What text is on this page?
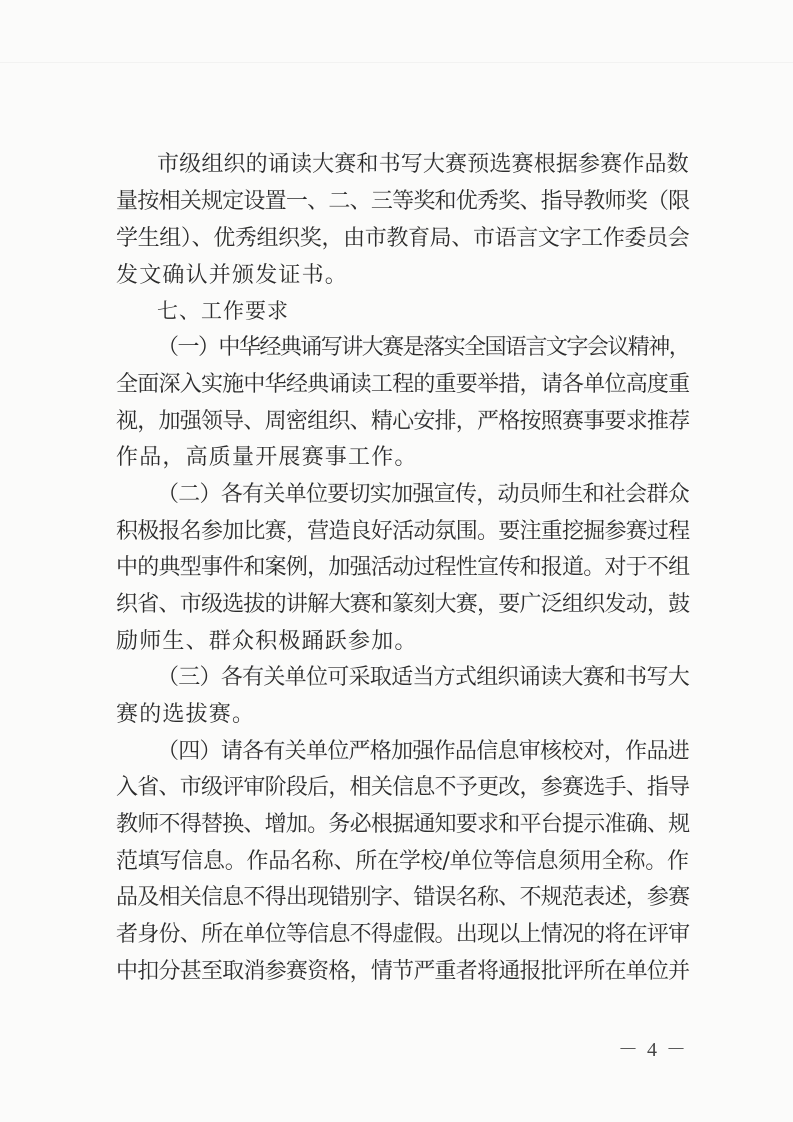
市级组织的诵读大赛和书写大赛预选赛根据参赛作品数
量按相关规定设置一、二、三等奖和优秀奖、指导教师奖（限
学生组）、优秀组织奖，由市教育局、市语言文字工作委员会
发文确认并颁发证书。
七、工作要求
（一）中华经典诵写讲大赛是落实全国语言文字会议精神，
全面深入实施中华经典诵读工程的重要举措，请各单位高度重
视，加强领导、周密组织、精心安排，严格按照赛事要求推荐
作品，高质量开展赛事工作。
（二）各有关单位要切实加强宣传，动员师生和社会群众
积极报名参加比赛，营造良好活动氛围。要注重挖掘参赛过程
中的典型事件和案例，加强活动过程性宣传和报道。对于不组
织省、市级选拔的讲解大赛和篆刻大赛，要广泛组织发动，鼓
励师生、群众积极踊跃参加。
（三）各有关单位可采取适当方式组织诵读大赛和书写大
赛的选拔赛。
（四）请各有关单位严格加强作品信息审核校对，作品进
入省、市级评审阶段后，相关信息不予更改，参赛选手、指导
教师不得替换、增加。务必根据通知要求和平台提示准确、规
范填写信息。作品名称、所在学校/单位等信息须用全称。作
品及相关信息不得出现错别字、错误名称、不规范表述，参赛
者身份、所在单位等信息不得虚假。出现以上情况的将在评审
中扣分甚至取消参赛资格，情节严重者将通报批评所在单位并
－ 4 －
